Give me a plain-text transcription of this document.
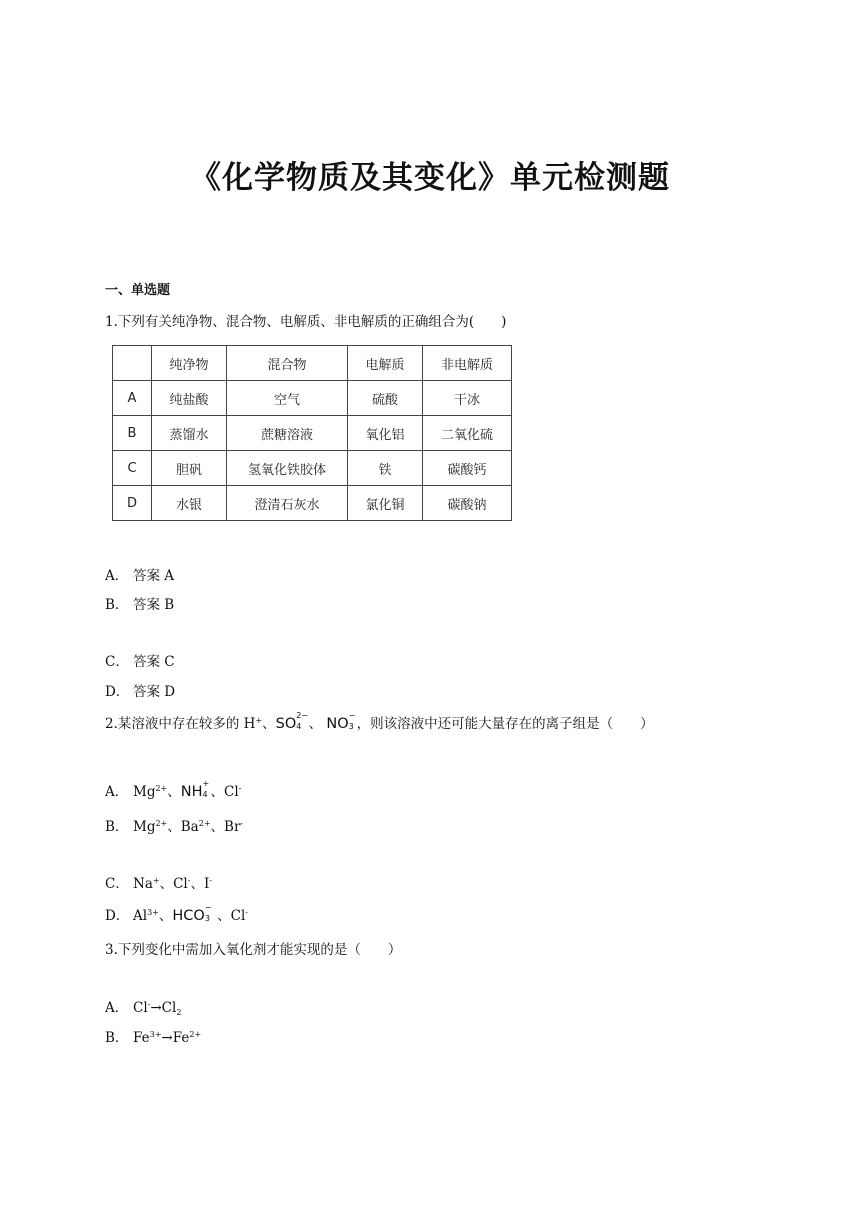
《化学物质及其变化》单元检测题
一、单选题
1.下列有关纯净物、混合物、电解质、非电解质的正确组合为(　　)
	纯净物	混合物	电解质	非电解质
A	纯盐酸	空气	硫酸	干冰
B	蒸馏水	蔗糖溶液	氧化铝	二氧化硫
C	胆矾	氢氧化铁胶体	铁	碳酸钙
D	水银	澄清石灰水	氯化铜	碳酸钠
A． 答案 A
B． 答案 B
C． 答案 C
D． 答案 D
2.某溶液中存在较多的 H+、SO
2−
4 、 NO
−
3 ，则该溶液中还可能大量存在的离子组是（　　）
A． $Mg^{2+}$、NH
+
4 、Cl-
B． $Mg^{2+}$、$Ba^{2+}$、Br-
C． Na+、Cl-、I-
D． $Al^{3+}$、HCO
−
3 、Cl-
3.下列变化中需加入氧化剂才能实现的是（　　）
A． $Cl^-\to Cl_2$
B． $Fe^{3+}\to Fe^{2+}$
